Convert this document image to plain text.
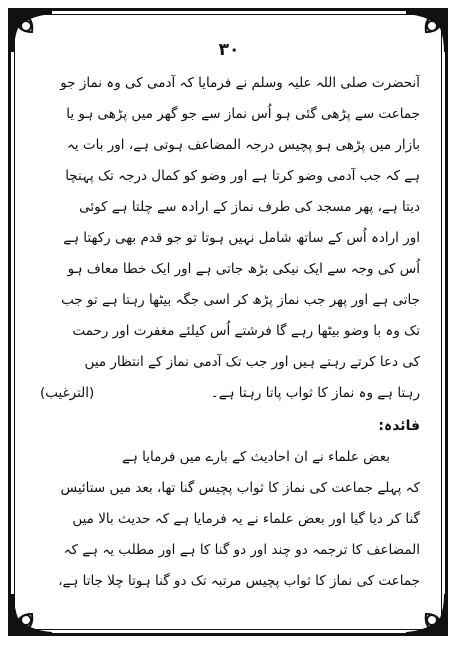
۳۰
آنحضرت صلی اللہ علیہ وسلم نے فرمایا کہ آدمی کی وہ نماز جو
جماعت سے پڑھی گئی ہو اُس نماز سے جو گھر میں پڑھی ہو یا
بازار میں پڑھی ہو پچیس درجہ المضاعف ہوتی ہے، اور بات یہ
ہے کہ جب آدمی وضو کرتا ہے اور وضو کو کمال درجہ تک پہنچا
دیتا ہے، پھر مسجد کی طرف نماز کے ارادہ سے چلتا ہے کوئی
اور ارادہ اُس کے ساتھ شامل نہیں ہوتا تو جو قدم بھی رکھتا ہے
اُس کی وجہ سے ایک نیکی بڑھ جاتی ہے اور ایک خطا معاف ہو
جاتی ہے اور پھر جب نماز پڑھ کر اسی جگہ بیٹھا رہتا ہے تو جب
تک وہ با وضو بیٹھا رہے گا فرشتے اُس کیلئے مغفرت اور رحمت
کی دعا کرتے رہتے ہیں اور جب تک آدمی نماز کے انتظار میں
رہتا ہے وہ نماز کا ثواب پاتا رہتا ہے۔
(الترغیب)
فائدہ:
بعض علماء نے ان احادیث کے بارے میں فرمایا ہے
کہ پہلے جماعت کی نماز کا ثواب پچیس گنا تھا، بعد میں ستائیس
گنا کر دیا گیا اور بعض علماء نے یہ فرمایا ہے کہ حدیث بالا میں
المضاعف کا ترجمہ دو چند اور دو گنا کا ہے اور مطلب یہ ہے کہ
جماعت کی نماز کا ثواب پچیس مرتبہ تک دو گنا ہوتا چلا جاتا ہے،
